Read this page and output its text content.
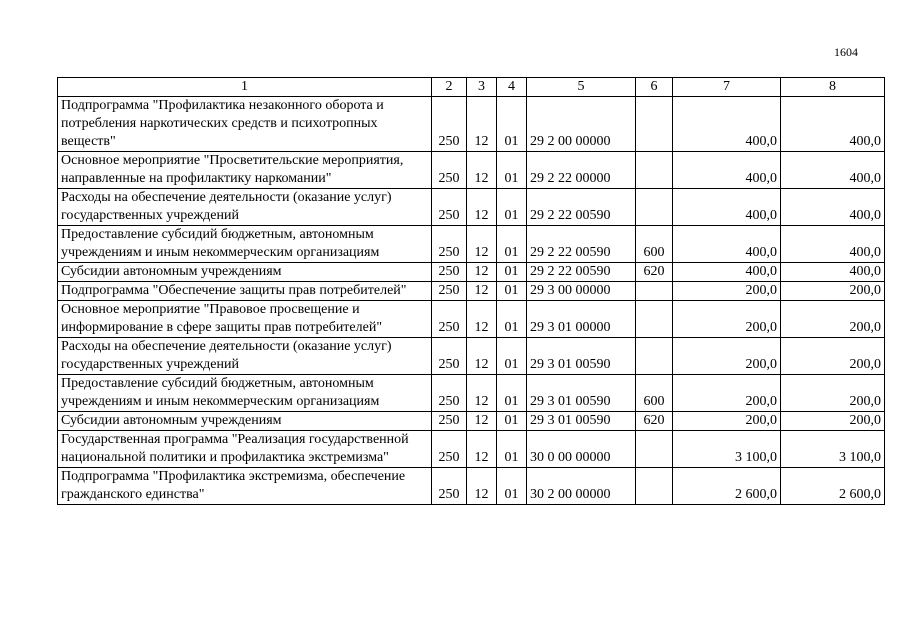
1604
1	2	3	4	5	6	7	8
Подпрограмма "Профилактика незаконного оборота и потребления наркотических средств и психотропных веществ"	250	12	01	29 2 00 00000		400,0	400,0
Основное мероприятие "Просветительские мероприятия, направленные на профилактику наркомании"	250	12	01	29 2 22 00000		400,0	400,0
Расходы на обеспечение деятельности (оказание услуг) государственных учреждений	250	12	01	29 2 22 00590		400,0	400,0
Предоставление субсидий бюджетным, автономным учреждениям и иным некоммерческим организациям	250	12	01	29 2 22 00590	600	400,0	400,0
Субсидии автономным учреждениям	250	12	01	29 2 22 00590	620	400,0	400,0
Подпрограмма "Обеспечение защиты прав потребителей"	250	12	01	29 3 00 00000		200,0	200,0
Основное мероприятие "Правовое просвещение и информирование в сфере защиты прав потребителей"	250	12	01	29 3 01 00000		200,0	200,0
Расходы на обеспечение деятельности (оказание услуг) государственных учреждений	250	12	01	29 3 01 00590		200,0	200,0
Предоставление субсидий бюджетным, автономным учреждениям и иным некоммерческим организациям	250	12	01	29 3 01 00590	600	200,0	200,0
Субсидии автономным учреждениям	250	12	01	29 3 01 00590	620	200,0	200,0
Государственная программа "Реализация государственной национальной политики и профилактика экстремизма"	250	12	01	30 0 00 00000		3 100,0	3 100,0
Подпрограмма "Профилактика экстремизма, обеспечение гражданского единства"	250	12	01	30 2 00 00000		2 600,0	2 600,0
